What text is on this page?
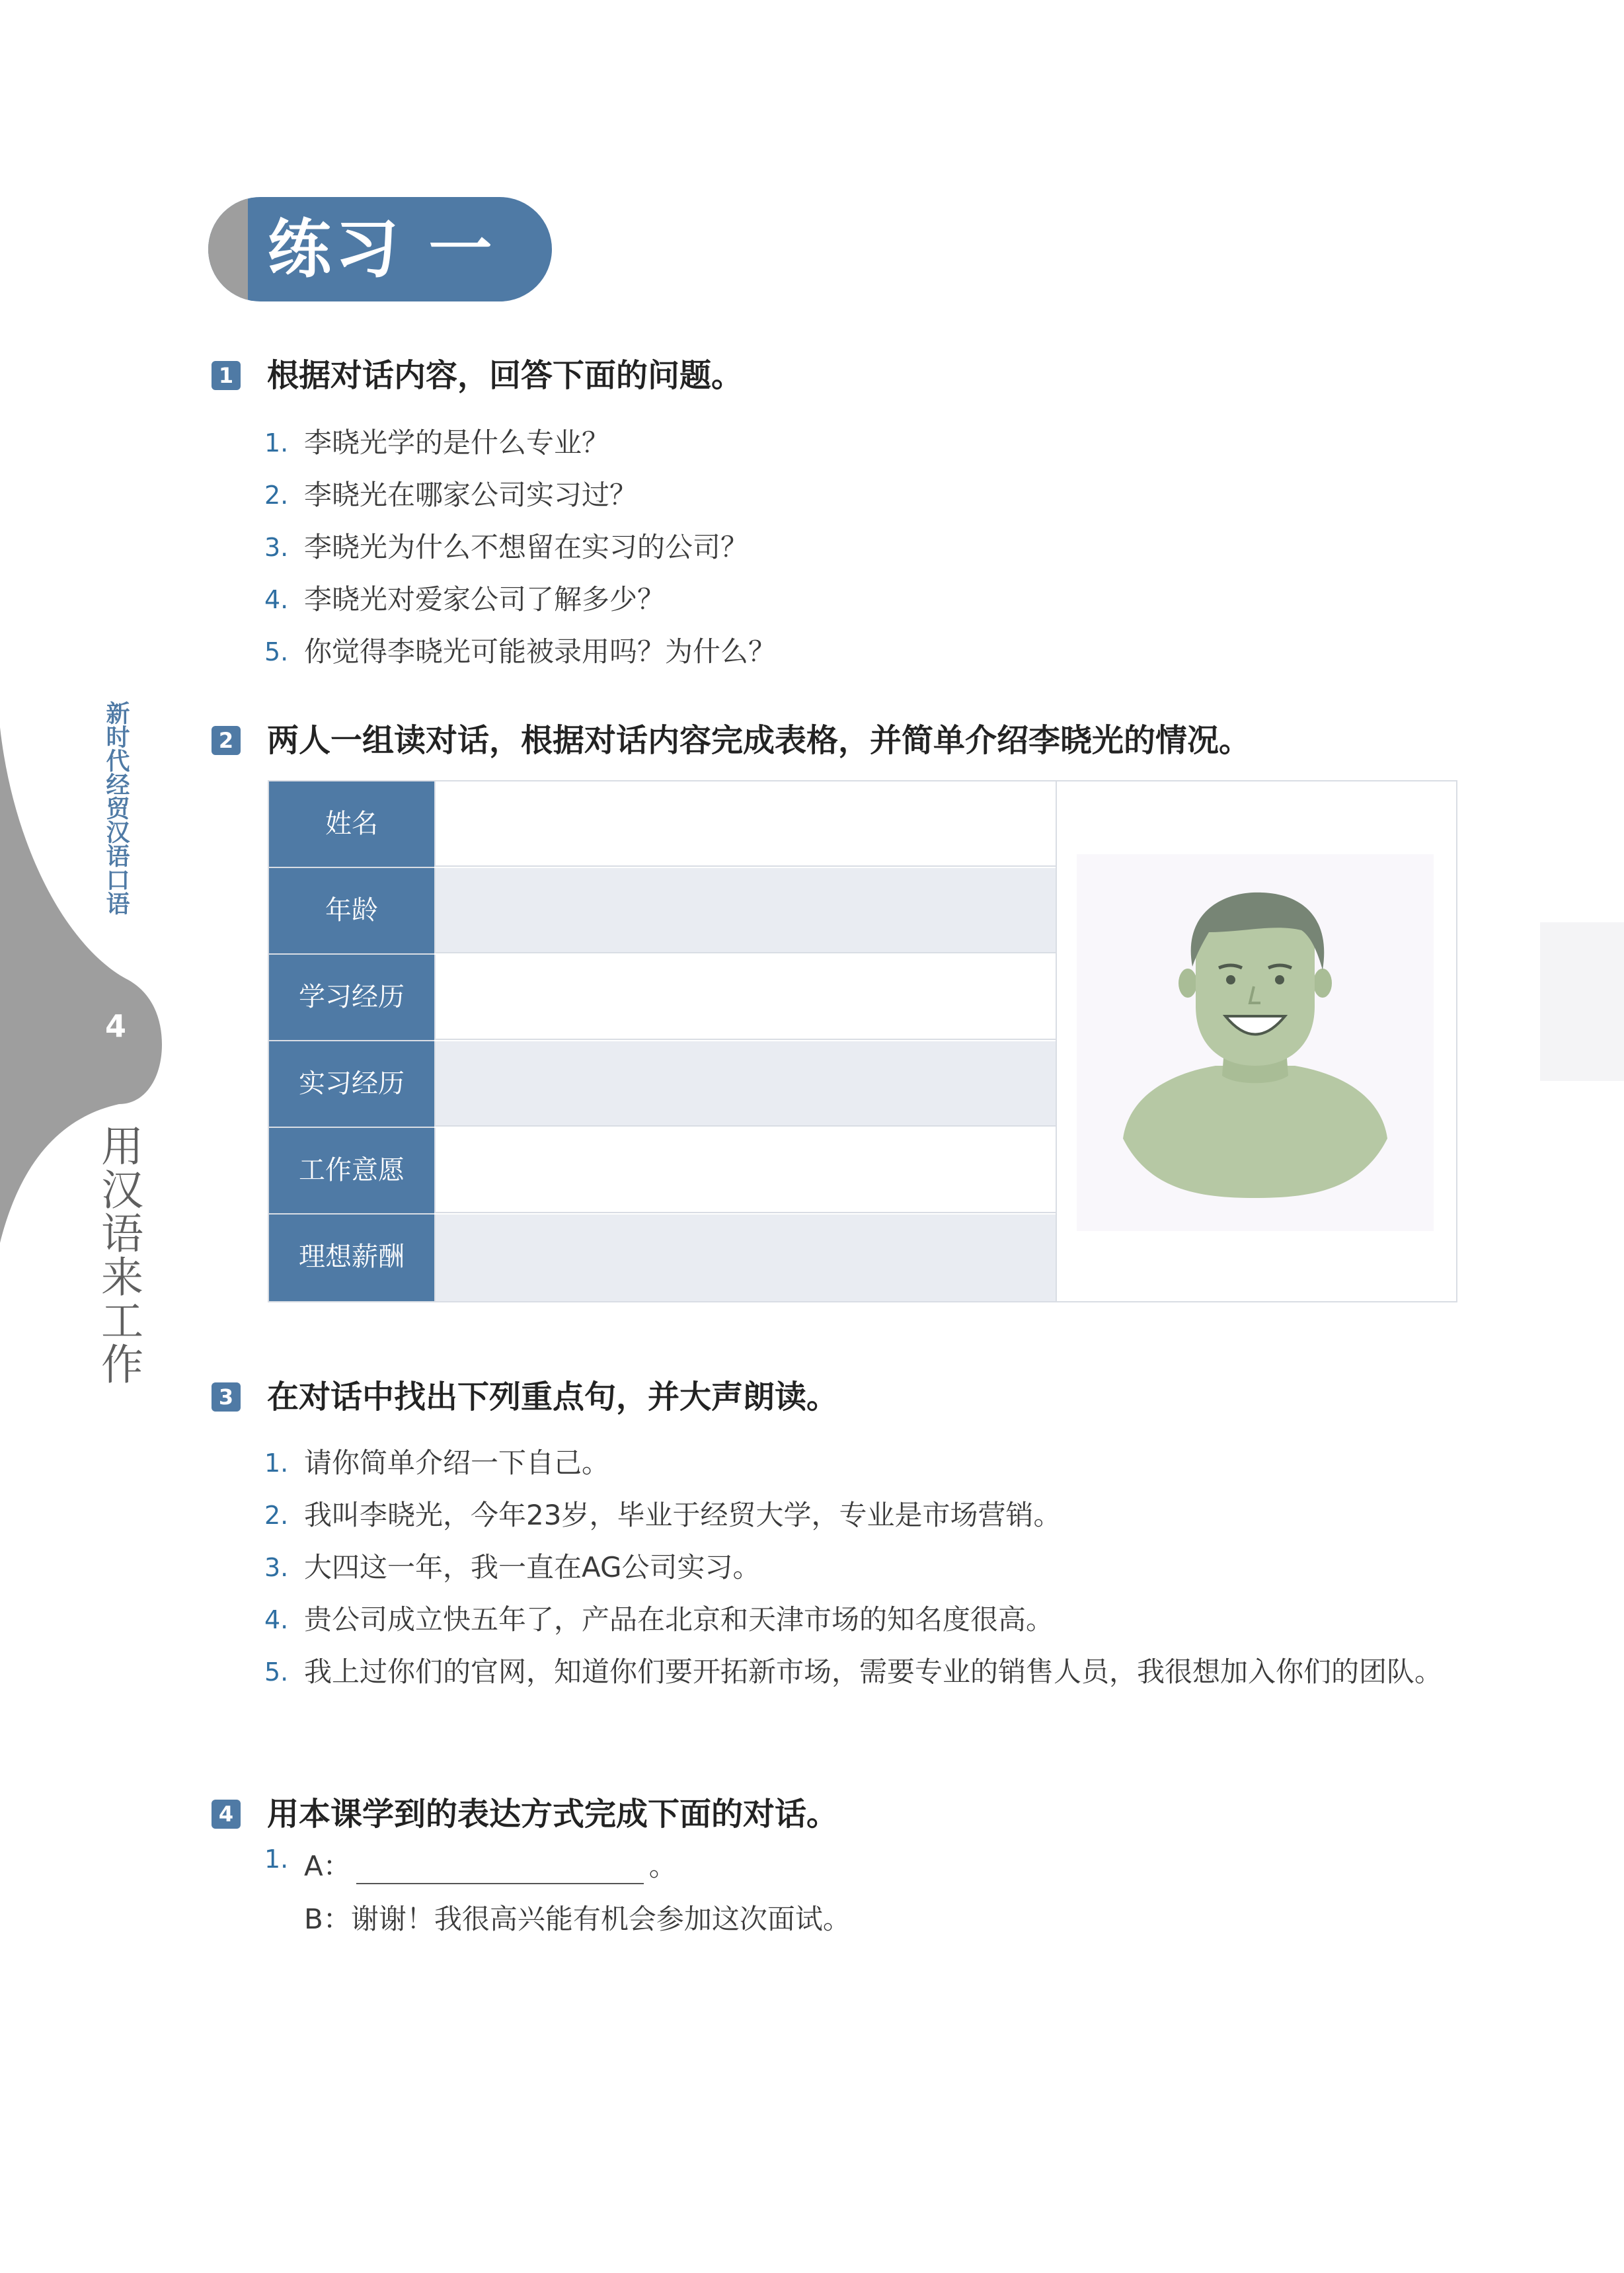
新时代经贸汉语口语
4
用汉语来工作
练习 一
1 根据对话内容，回答下面的问题。
1. 李晓光学的是什么专业？
2. 李晓光在哪家公司实习过？
3. 李晓光为什么不想留在实习的公司？
4. 李晓光对爱家公司了解多少？
5. 你觉得李晓光可能被录用吗？为什么？
2 两人一组读对话，根据对话内容完成表格，并简单介绍李晓光的情况。
姓名
年龄
学习经历
实习经历
工作意愿
理想薪酬
3 在对话中找出下列重点句，并大声朗读。
1. 请你简单介绍一下自己。
2. 我叫李晓光，今年23岁，毕业于经贸大学，专业是市场营销。
3. 大四这一年，我一直在AG公司实习。
4. 贵公司成立快五年了，产品在北京和天津市场的知名度很高。
5. 我上过你们的官网，知道你们要开拓新市场，需要专业的销售人员，我很想加入你们的团队。
4 用本课学到的表达方式完成下面的对话。
1. A：	。
B：谢谢！我很高兴能有机会参加这次面试。
